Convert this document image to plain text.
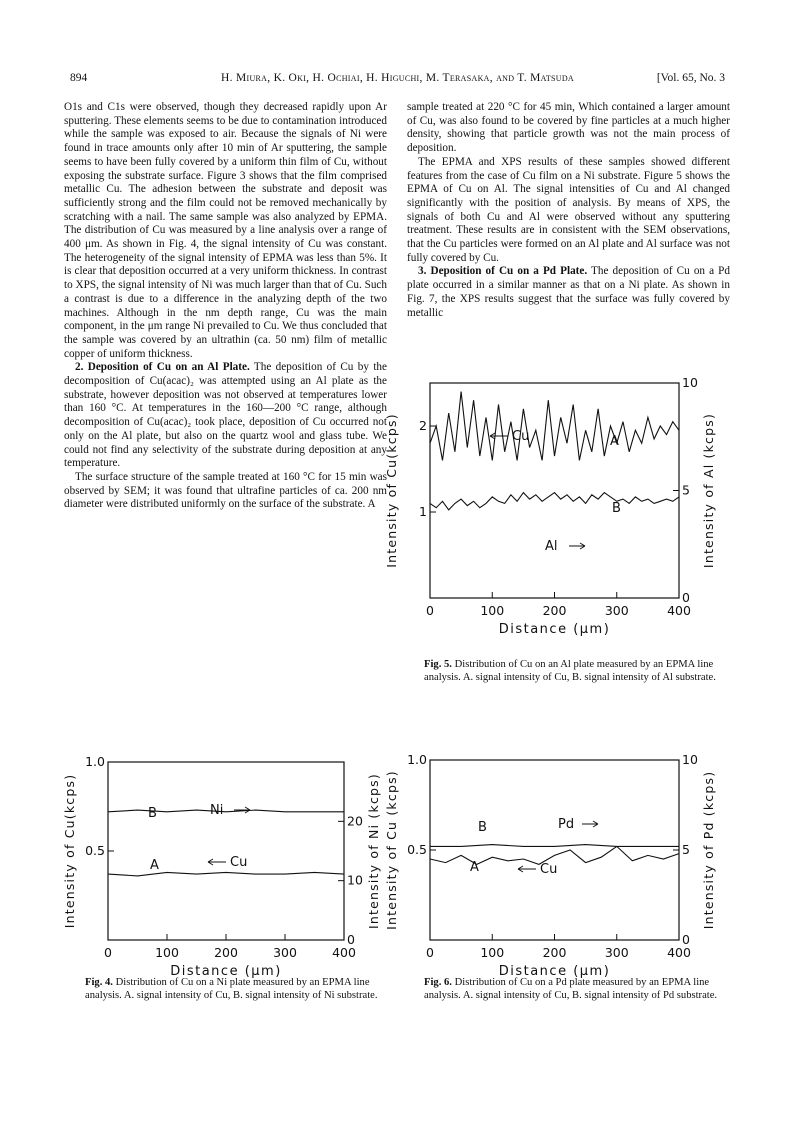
894	H. Miura, K. Oki, H. Ochiai, H. Higuchi, M. Terasaka, and T. Matsuda	[Vol. 65, No. 3

O1s and C1s were observed, though they decreased rapidly upon Ar sputtering. These elements seems to be due to contamination introduced while the sample was exposed to air. Because the signals of Ni were found in trace amounts only after 10 min of Ar sputtering, the sample seems to have been fully covered by a uniform thin film of Cu, without exposing the substrate surface. Figure 3 shows that the film comprised metallic Cu. The adhesion between the substrate and deposit was sufficiently strong and the film could not be removed mechanically by scratching with a nail. The same sample was also analyzed by EPMA. The distribution of Cu was measured by a line analysis over a range of 400 μm. As shown in Fig. 4, the signal intensity of Cu was constant. The heterogeneity of the signal intensity of EPMA was less than 5%. It is clear that deposition occurred at a very uniform thickness. In contrast to XPS, the signal intensity of Ni was much larger than that of Cu. Such a contrast is due to a difference in the analyzing depth of the two machines. Although in the nm depth range, Cu was the main component, in the μm range Ni prevailed to Cu. We thus concluded that the sample was covered by an ultrathin (ca. 50 nm) film of metallic copper of uniform thickness.

2. Deposition of Cu on an Al Plate. The deposition of Cu by the decomposition of Cu(acac)₂ was attempted using an Al plate as the substrate, however deposition was not observed at temperatures lower than 160 °C. At temperatures in the 160—200 °C range, although decomposition of Cu(acac)₂ took place, deposition of Cu occurred not only on the Al plate, but also on the quartz wool and glass tube. We could not find any selectivity of the substrate during deposition at any temperature.

The surface structure of the sample treated at 160 °C for 15 min was observed by SEM; it was found that ultrafine particles of ca. 200 nm diameter were distributed uniformly on the surface of the substrate. A

sample treated at 220 °C for 45 min, Which contained a larger amount of Cu, was also found to be covered by fine particles at a much higher density, showing that particle growth was not the main process of deposition.

The EPMA and XPS results of these samples showed different features from the case of Cu film on a Ni substrate. Figure 5 shows the EPMA of Cu on Al. The signal intensities of Cu and Al changed significantly with the position of analysis. By means of XPS, the signals of both Cu and Al were observed without any sputtering treatment. These results are in consistent with the SEM observations, that the Cu particles were formed on an Al plate and Al surface was not fully covered by Cu.

3. Deposition of Cu on a Pd Plate. The deposition of Cu on a Pd plate occurred in a similar manner as that on a Ni plate. As shown in Fig. 7, the XPS results suggest that the surface was fully covered by metallic

0	100	200	300	400
Distance (μm)
1
2
0
5
10
Intensity of Cu(kcps)	Intensity of Al (kcps)
A
Cu
B
Al
Fig. 5. Distribution of Cu on an Al plate measured by an EPMA line analysis. A. signal intensity of Cu, B. signal intensity of Al substrate.
0	100	200	300	400
Distance (μm)
0.5
1.0
0
10
20
Intensity of Cu(kcps)	Intensity of Ni (kcps)
B	Ni
A	Cu
Fig. 4. Distribution of Cu on a Ni plate measured by an EPMA line analysis. A. signal intensity of Cu, B. signal intensity of Ni substrate.
0	100	200	300	400
Distance (μm)
0.5
1.0
0
5
10
Intensity of Cu (kcps)	Intensity of Pd (kcps)
B	Pd
A	Cu
Fig. 6. Distribution of Cu on a Pd plate measured by an EPMA line analysis. A. signal intensity of Cu, B. signal intensity of Pd substrate.
